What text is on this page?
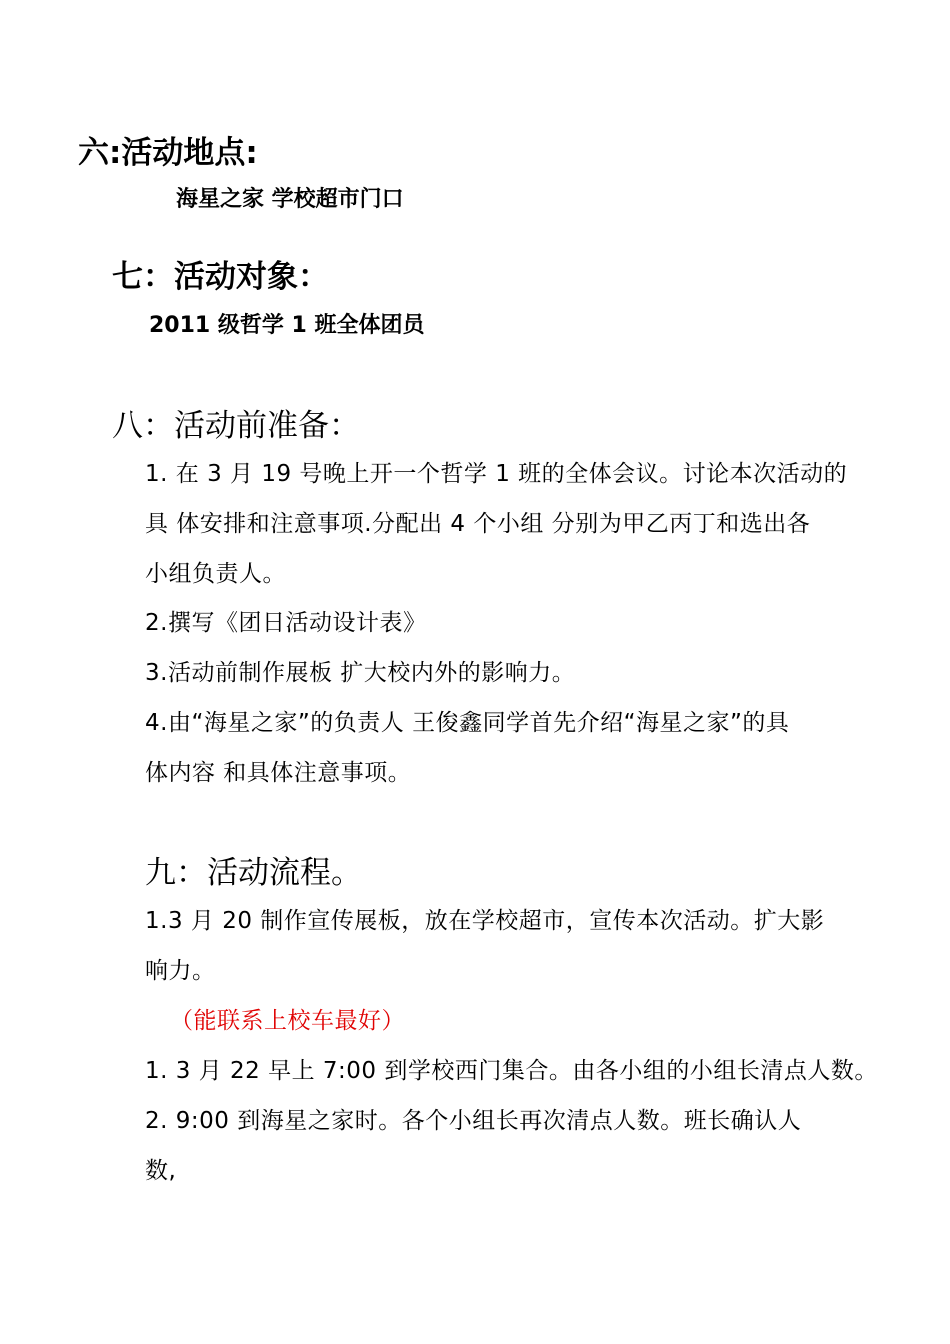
六:活动地点:
海星之家 学校超市门口
七：活动对象：
2011 级哲学 1 班全体团员
八：活动前准备：
1. 在 3 月 19 号晚上开一个哲学 1 班的全体会议。讨论本次活动的
具 体安排和注意事项.分配出 4 个小组 分别为甲乙丙丁和选出各
小组负责人。
2.撰写《团日活动设计表》
3.活动前制作展板 扩大校内外的影响力。
4.由“海星之家”的负责人 王俊鑫同学首先介绍“海星之家”的具
体内容 和具体注意事项。
九：活动流程。
1.3 月 20 制作宣传展板，放在学校超市，宣传本次活动。扩大影
响力。
（能联系上校车最好）
1. 3 月 22 早上 7:00 到学校西门集合。由各小组的小组长清点人数。
2. 9:00 到海星之家时。各个小组长再次清点人数。班长确认人
数,
